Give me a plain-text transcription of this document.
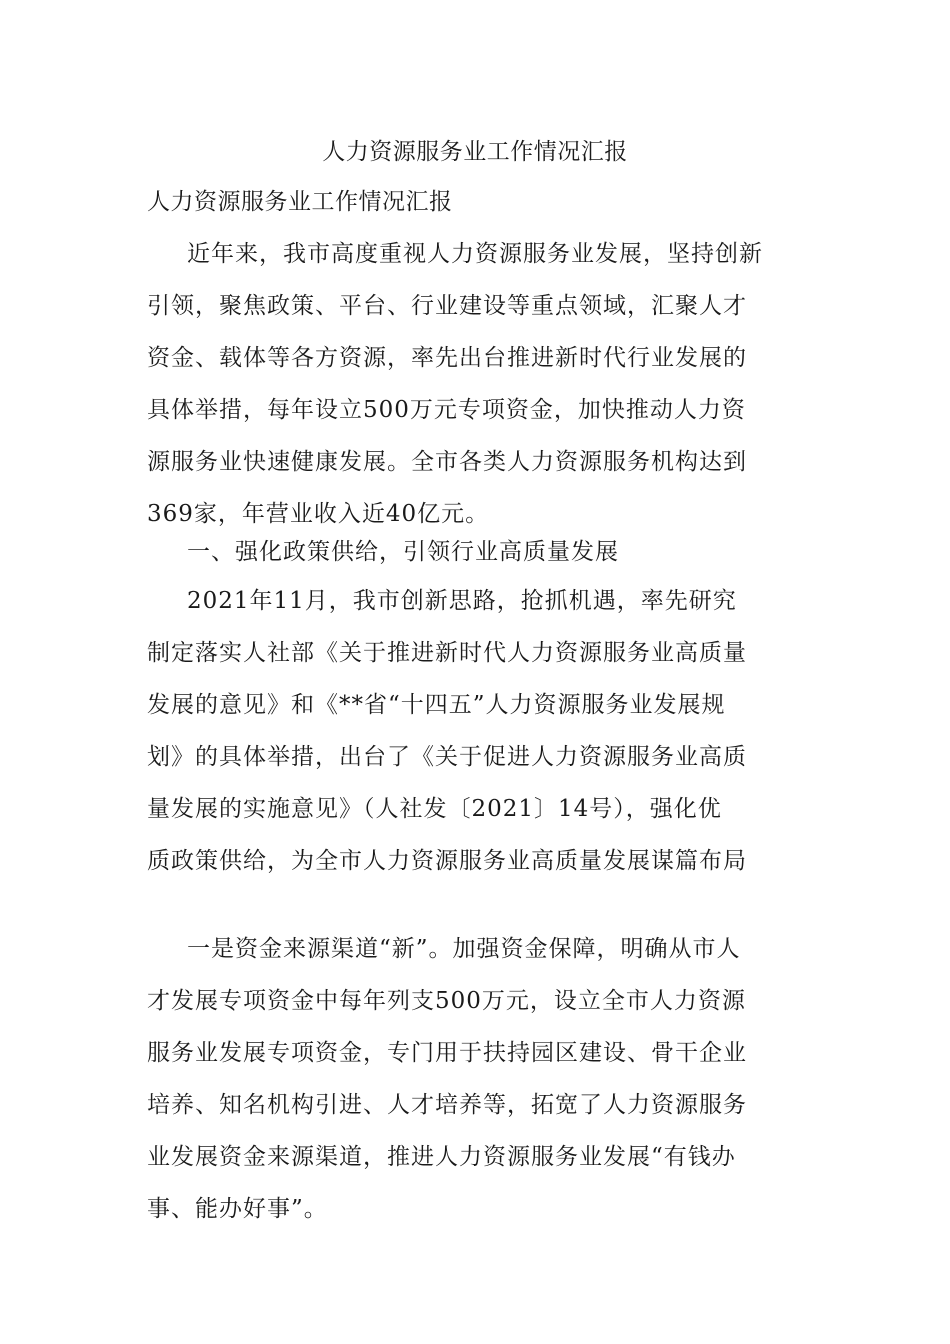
人力资源服务业工作情况汇报
人力资源服务业工作情况汇报
近年来，我市高度重视人力资源服务业发展，坚持创新
引领，聚焦政策、平台、行业建设等重点领域，汇聚人才
资金、载体等各方资源，率先出台推进新时代行业发展的
具体举措，每年设立500万元专项资金，加快推动人力资
源服务业快速健康发展。全市各类人力资源服务机构达到
369家，年营业收入近40亿元。
一、强化政策供给，引领行业高质量发展
2021年11月，我市创新思路，抢抓机遇，率先研究
制定落实人社部《关于推进新时代人力资源服务业高质量
发展的意见》和《**省“十四五”人力资源服务业发展规
划》的具体举措，出台了《关于促进人力资源服务业高质
量发展的实施意见》（人社发〔2021〕14号），强化优
质政策供给，为全市人力资源服务业高质量发展谋篇布局
一是资金来源渠道“新”。加强资金保障，明确从市人
才发展专项资金中每年列支500万元，设立全市人力资源
服务业发展专项资金，专门用于扶持园区建设、骨干企业
培养、知名机构引进、人才培养等，拓宽了人力资源服务
业发展资金来源渠道，推进人力资源服务业发展“有钱办
事、能办好事”。
